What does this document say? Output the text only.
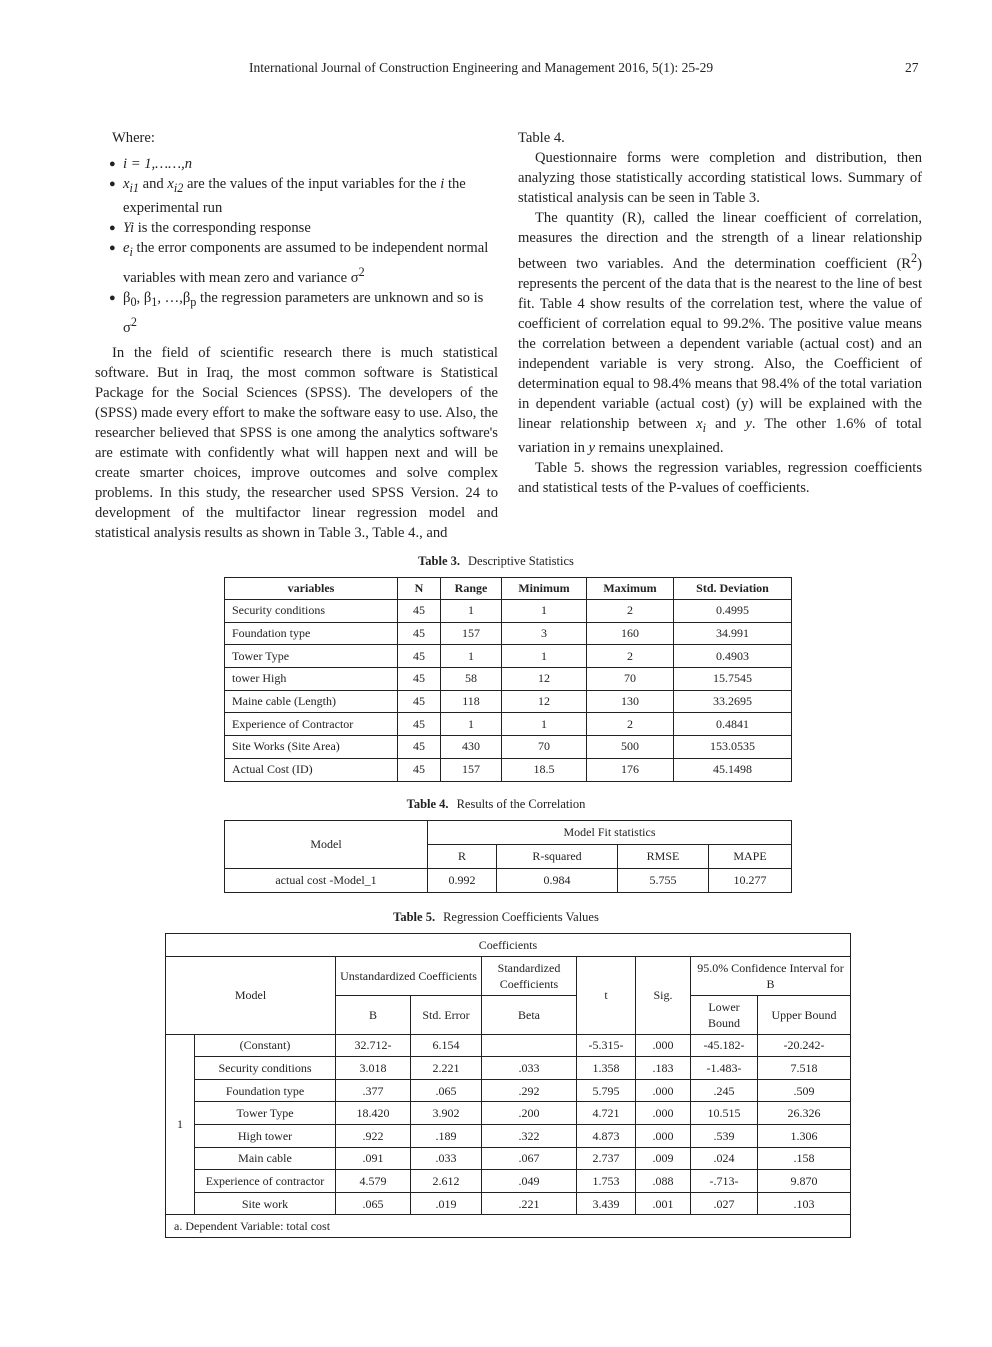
International Journal of Construction Engineering and Management 2016, 5(1): 25-29	27

Where:

● i = 1,……,n
● $x_{i1}$ and $x_{i2}$ are the values of the input variables for the i the experimental run
● Yi is the corresponding response
● $e_i$ the error components are assumed to be independent normal variables with mean zero and variance $\sigma^2$
● $\beta_0$, $\beta_1$, $\dots,\beta_p$ the regression parameters are unknown and so is $\sigma^2$

In the field of scientific research there is much statistical software. But in Iraq, the most common software is Statistical Package for the Social Sciences (SPSS). The developers of the (SPSS) made every effort to make the software easy to use. Also, the researcher believed that SPSS is one among the analytics software's are estimate with confidently what will happen next and will be create smarter choices, improve outcomes and solve complex problems. In this study, the researcher used SPSS Version. 24 to development of the multifactor linear regression model and statistical analysis results as shown in Table 3., Table 4., and

Table 4.

Questionnaire forms were completion and distribution, then analyzing those statistically according statistical lows. Summary of statistical analysis can be seen in Table 3.

The quantity (R), called the linear coefficient of correlation, measures the direction and the strength of a linear relationship between two variables. And the determination coefficient $(R^2)$ represents the percent of the data that is the nearest to the line of best fit. Table 4 show results of the correlation test, where the value of coefficient of correlation equal to 99.2%. The positive value means the correlation between a dependent variable (actual cost) and an independent variable is very strong. Also, the Coefficient of determination equal to 98.4% means that 98.4% of the total variation in dependent variable (actual cost) (y) will be explained with the linear relationship between $x_i$ and y. The other 1.6% of total variation in y remains unexplained.

Table 5. shows the regression variables, regression coefficients and statistical tests of the P-values of coefficients.

Table 3. Descriptive Statistics
variables	N	Range	Minimum	Maximum	Std. Deviation
Security conditions	45	1	1	2	0.4995
Foundation type	45	157	3	160	34.991
Tower Type	45	1	1	2	0.4903
tower High	45	58	12	70	15.7545
Maine cable (Length)	45	118	12	130	33.2695
Experience of Contractor	45	1	1	2	0.4841
Site Works (Site Area)	45	430	70	500	153.0535
Actual Cost (ID)	45	157	18.5	176	45.1498
Table 4. Results of the Correlation
Model	Model Fit statistics			
	R	R-squared	RMSE	MAPE
actual cost -Model_1	0.992	0.984	5.755	10.277
Table 5. Regression Coefficients Values
Coefficients								
Model		Unstandardized Coefficients		Standardized Coefficients	t	Sig.	95.0% Confidence Interval for B	
		B	Std. Error	Beta			Lower Bound	Upper Bound
1	(Constant)	32.712-	6.154		-5.315-	.000	-45.182-	-20.242-
	Security conditions	3.018	2.221	.033	1.358	.183	-1.483-	7.518
	Foundation type	.377	.065	.292	5.795	.000	.245	.509
	Tower Type	18.420	3.902	.200	4.721	.000	10.515	26.326
	High tower	.922	.189	.322	4.873	.000	.539	1.306
	Main cable	.091	.033	.067	2.737	.009	.024	.158
	Experience of contractor	4.579	2.612	.049	1.753	.088	-.713-	9.870
	Site work	.065	.019	.221	3.439	.001	.027	.103
a. Dependent Variable: total cost								
